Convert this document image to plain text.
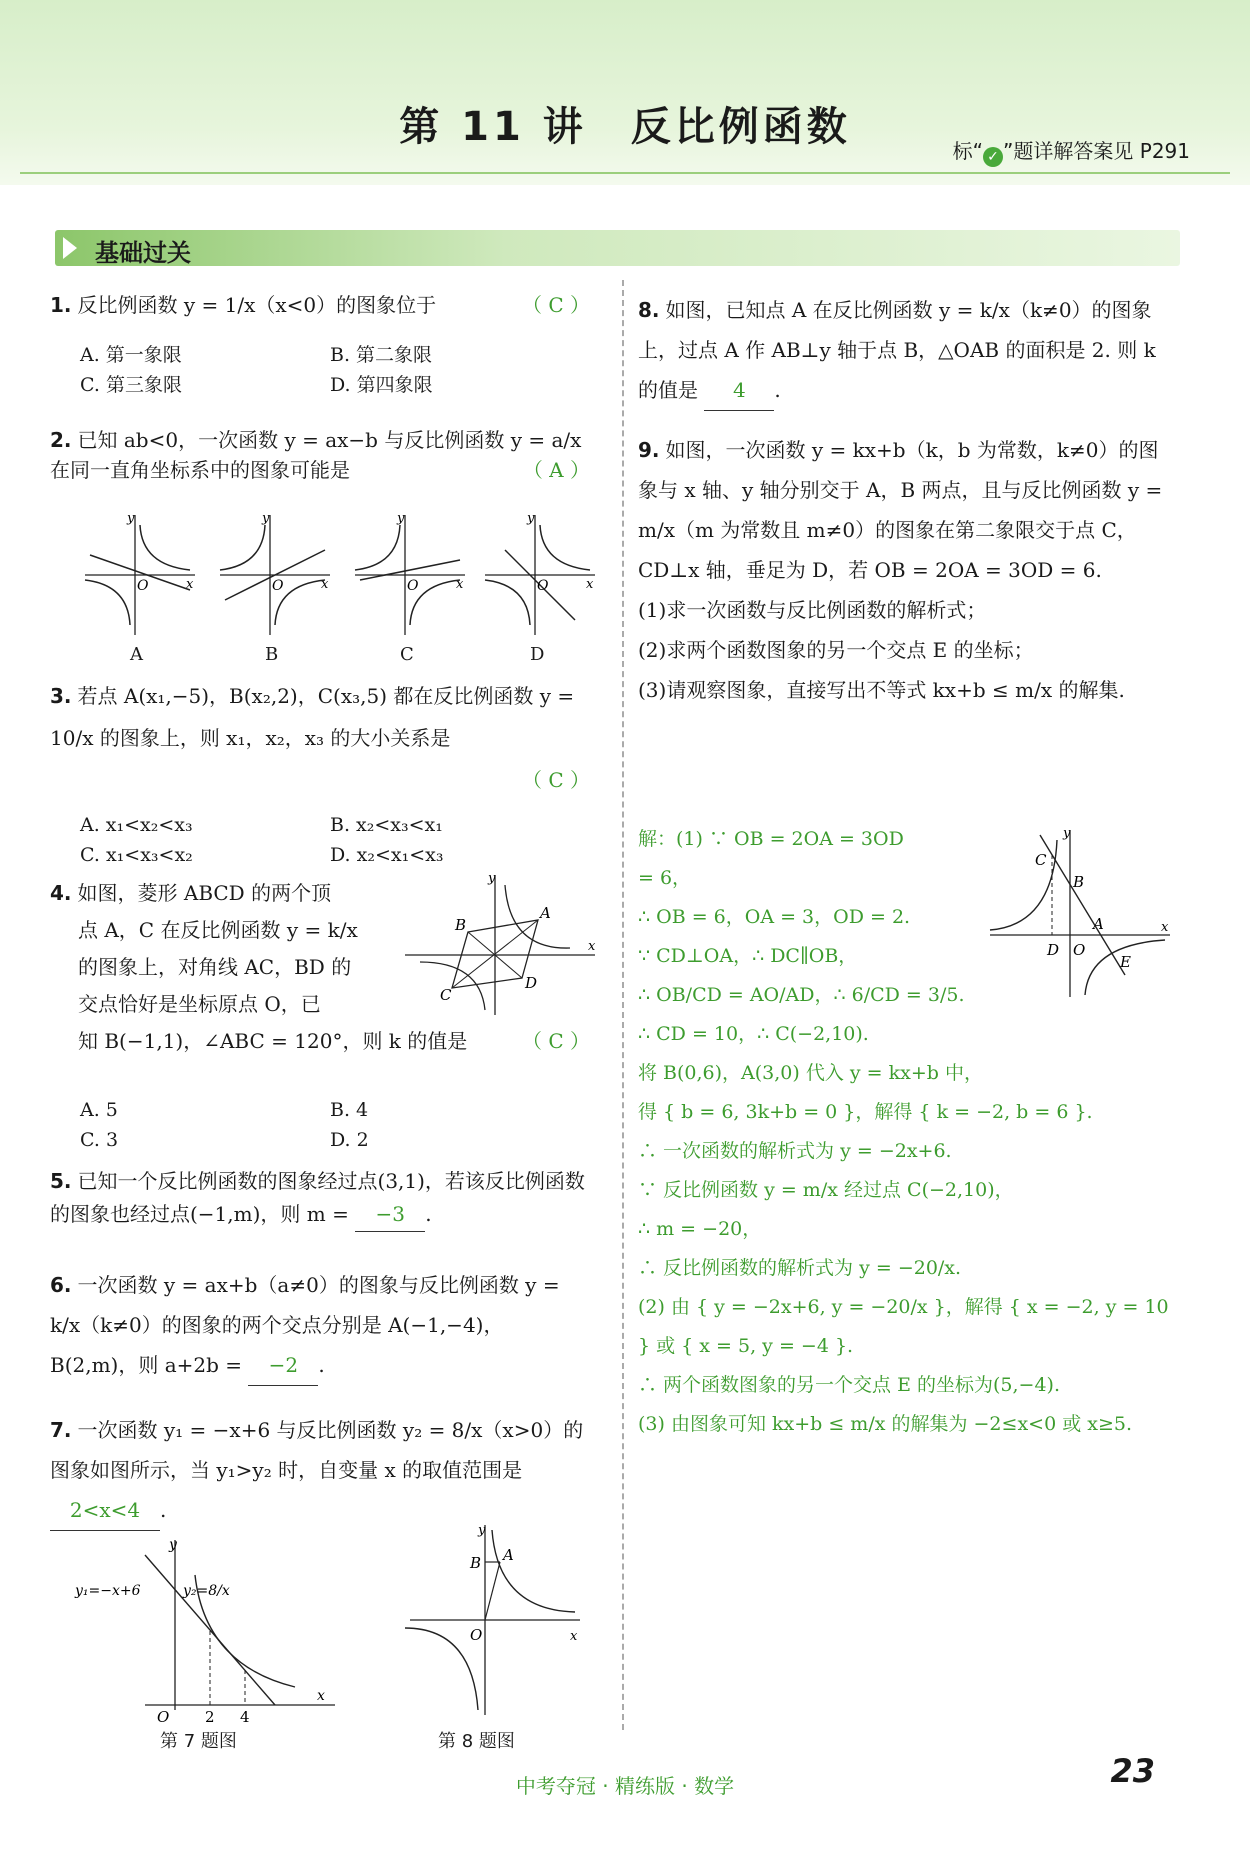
第 11 讲　反比例函数
标“ ✓ ”题详解答案见 P291
基础过关
1. 反比例函数 y = 1/x（x<0）的图象位于	（ C ）
A. 第一象限	B. 第二象限
C. 第三象限	D. 第四象限
2. 已知 ab<0，一次函数 y = ax−b 与反比例函数 y = a/x 在同一直角坐标系中的图象可能是	（ A ）
O
y
x	O
y
x	O
y
x	O
y
x
A	B	C	D
3. 若点 A(x₁,−5)，B(x₂,2)，C(x₃,5) 都在反比例函数 y = 10/x 的图象上，则 x₁，x₂，x₃ 的大小关系是
（ C ）
A. x₁<x₂<x₃	B. x₂<x₃<x₁
C. x₁<x₃<x₂	D. x₂<x₁<x₃
4. 如图，菱形 ABCD 的两个顶
点 A，C 在反比例函数 y = k/x
的图象上，对角线 AC，BD 的
交点恰好是坐标原点 O，已
知 B(−1,1)，∠ABC = 120°，则 k 的值是	（ C ）
B
A
C
D
y
x
A. 5	B. 4
C. 3	D. 2
5. 已知一个反比例函数的图象经过点(3,1)，若该反比例函数的图象也经过点(−1,m)，则 m = −3 .
6. 一次函数 y = ax+b（a≠0）的图象与反比例函数 y = k/x（k≠0）的图象的两个交点分别是 A(−1,−4)，B(2,m)，则 a+2b = −2 .
7. 一次函数 y₁ = −x+6 与反比例函数 y₂ = 8/x（x>0）的图象如图所示，当 y₁>y₂ 时，自变量 x 的取值范围是 2<x<4 .
y
x
O 2 4
y₁=−x+6	y₂=8/x
第 7 题图
B A
O
y
x
第 8 题图
8. 如图，已知点 A 在反比例函数 y = k/x（k≠0）的图象上，过点 A 作 AB⊥y 轴于点 B，△OAB 的面积是 2. 则 k 的值是 4 .
9. 如图，一次函数 y = kx+b（k，b 为常数，k≠0）的图象与 x 轴、y 轴分别交于 A，B 两点，且与反比例函数 y = m/x（m 为常数且 m≠0）的图象在第二象限交于点 C，CD⊥x 轴，垂足为 D，若 OB = 2OA = 3OD = 6.
(1)求一次函数与反比例函数的解析式；
(2)求两个函数图象的另一个交点 E 的坐标；
(3)请观察图象，直接写出不等式 kx+b ≤ m/x 的解集.
解：(1) ∵ OB = 2OA = 3OD
= 6，
∴ OB = 6，OA = 3，OD = 2.
∵ CD⊥OA，∴ DC∥OB，
∴ OB/CD = AO/AD，∴ 6/CD = 3/5.
∴ CD = 10，∴ C(−2,10).
将 B(0,6)，A(3,0) 代入 y = kx+b 中，
得 { b = 6, 3k+b = 0 }，解得 { k = −2, b = 6 }.
∴ 一次函数的解析式为 y = −2x+6.
∵ 反比例函数 y = m/x 经过点 C(−2,10)，
∴ m = −20，
∴ 反比例函数的解析式为 y = −20/x.
(2) 由 { y = −2x+6, y = −20/x }，解得 { x = −2, y = 10 } 或 { x = 5, y = −4 }.
∴ 两个函数图象的另一个交点 E 的坐标为(5,−4).
(3) 由图象可知 kx+b ≤ m/x 的解集为 −2≤x<0 或 x≥5.
C
B
A
D O
E
y
x
中考夺冠 · 精练版 · 数学	23
